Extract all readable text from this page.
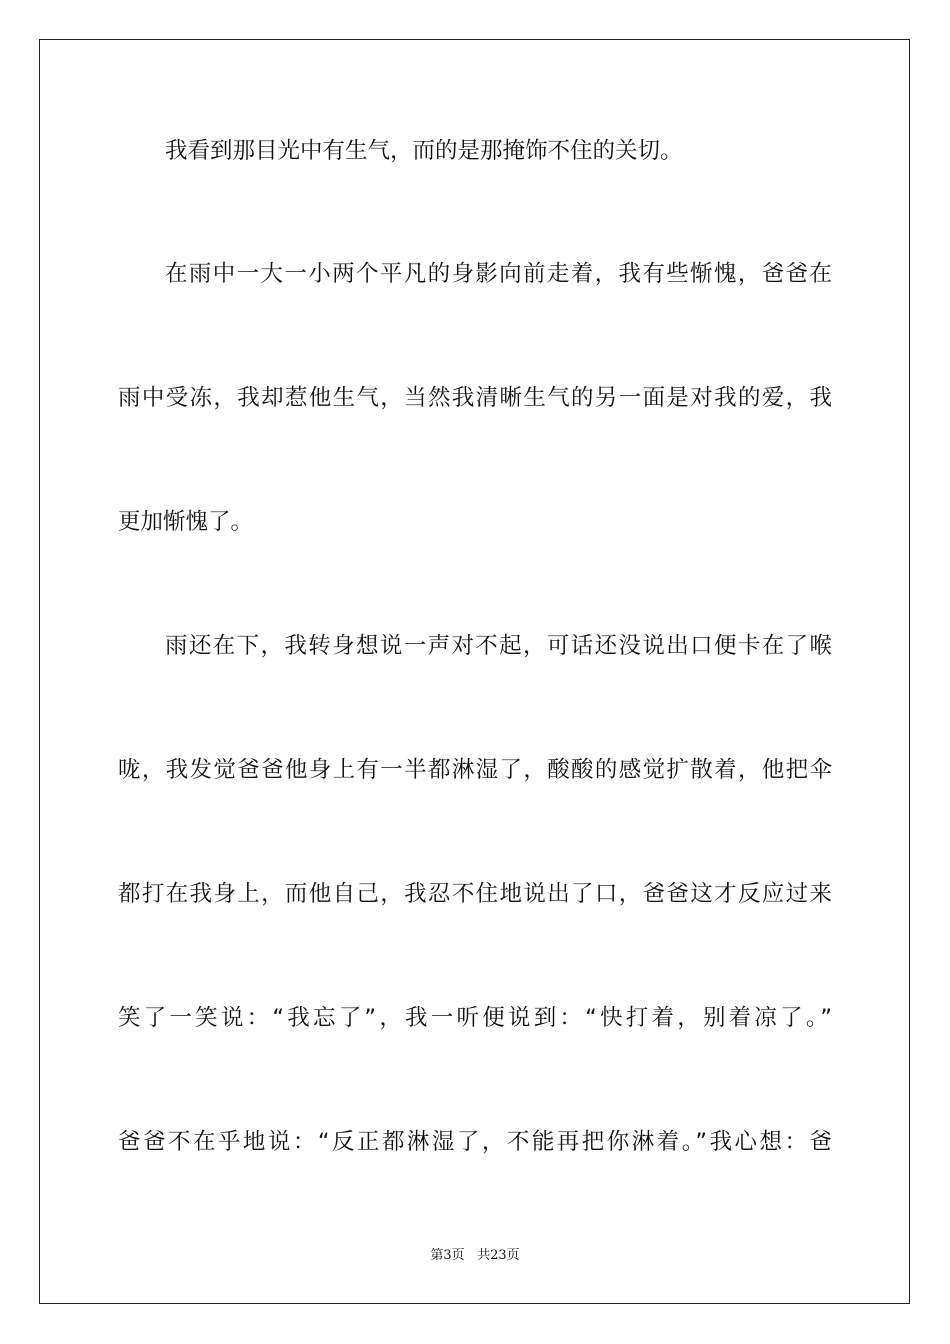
我看到那目光中有生气，而的是那掩饰不住的关切。
在雨中一大一小两个平凡的身影向前走着，我有些惭愧，爸爸在
雨中受冻，我却惹他生气，当然我清晰生气的另一面是对我的爱，我
更加惭愧了。
雨还在下，我转身想说一声对不起，可话还没说出口便卡在了喉
咙，我发觉爸爸他身上有一半都淋湿了，酸酸的感觉扩散着，他把伞
都打在我身上，而他自己，我忍不住地说出了口，爸爸这才反应过来
笑了一笑说：“我忘了”，我一听便说到：“快打着，别着凉了。”
爸爸不在乎地说：“反正都淋湿了，不能再把你淋着。”我心想：爸
第3页 共23页
